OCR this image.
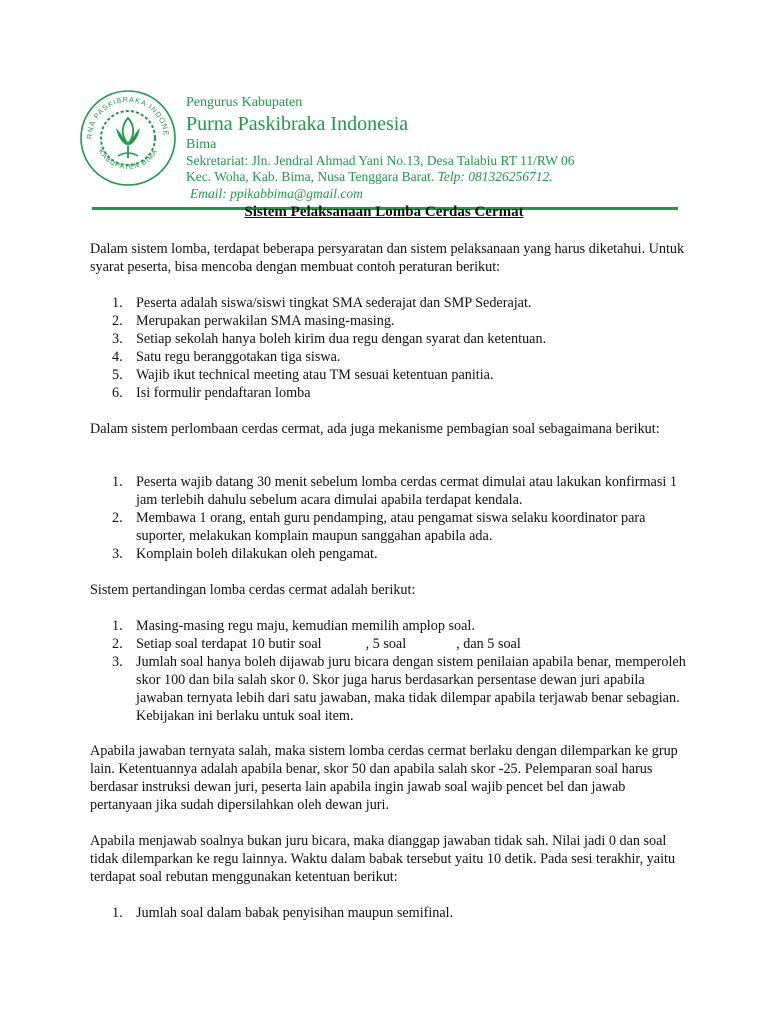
RNA PASKIBRAKA INDONE
KABUPATEN BIMA
Pengurus Kabupaten
Purna Paskibraka Indonesia
Bima
Sekretariat: Jln. Jendral Ahmad Yani No.13, Desa Talabiu RT 11/RW 06
Kec. Woha, Kab. Bima, Nusa Tenggara Barat. Telp: 081326256712.
Email: ppikabbima@gmail.com
Sistem Pelaksanaan Lomba Cerdas Cermat

Dalam sistem lomba, terdapat beberapa persyaratan dan sistem pelaksanaan yang harus diketahui. Untuk syarat peserta, bisa mencoba dengan membuat contoh peraturan berikut:

1. Peserta adalah siswa/siswi tingkat SMA sederajat dan SMP Sederajat.
2. Merupakan perwakilan SMA masing-masing.
3. Setiap sekolah hanya boleh kirim dua regu dengan syarat dan ketentuan.
4. Satu regu beranggotakan tiga siswa.
5. Wajib ikut technical meeting atau TM sesuai ketentuan panitia.
6. Isi formulir pendaftaran lomba

Dalam sistem perlombaan cerdas cermat, ada juga mekanisme pembagian soal sebagaimana berikut:

1. Peserta wajib datang 30 menit sebelum lomba cerdas cermat dimulai atau lakukan konfirmasi 1 jam terlebih dahulu sebelum acara dimulai apabila terdapat kendala.
2. Membawa 1 orang, entah guru pendamping, atau pengamat siswa selaku koordinator para suporter, melakukan komplain maupun sanggahan apabila ada.
3. Komplain boleh dilakukan oleh pengamat.

Sistem pertandingan lomba cerdas cermat adalah berikut:

1. Masing-masing regu maju, kemudian memilih amplop soal.
2. Setiap soal terdapat 10 butir soal	, 5 soal	, dan 5 soal
3. Jumlah soal hanya boleh dijawab juru bicara dengan sistem penilaian apabila benar, memperoleh skor 100 dan bila salah skor 0. Skor juga harus berdasarkan persentase dewan juri apabila jawaban ternyata lebih dari satu jawaban, maka tidak dilempar apabila terjawab benar sebagian. Kebijakan ini berlaku untuk soal item.

Apabila jawaban ternyata salah, maka sistem lomba cerdas cermat berlaku dengan dilemparkan ke grup lain. Ketentuannya adalah apabila benar, skor 50 dan apabila salah skor -25. Pelemparan soal harus berdasar instruksi dewan juri, peserta lain apabila ingin jawab soal wajib pencet bel dan jawab pertanyaan jika sudah dipersilahkan oleh dewan juri.

Apabila menjawab soalnya bukan juru bicara, maka dianggap jawaban tidak sah. Nilai jadi 0 dan soal tidak dilemparkan ke regu lainnya. Waktu dalam babak tersebut yaitu 10 detik. Pada sesi terakhir, yaitu terdapat soal rebutan menggunakan ketentuan berikut:

1. Jumlah soal dalam babak penyisihan maupun semifinal.
